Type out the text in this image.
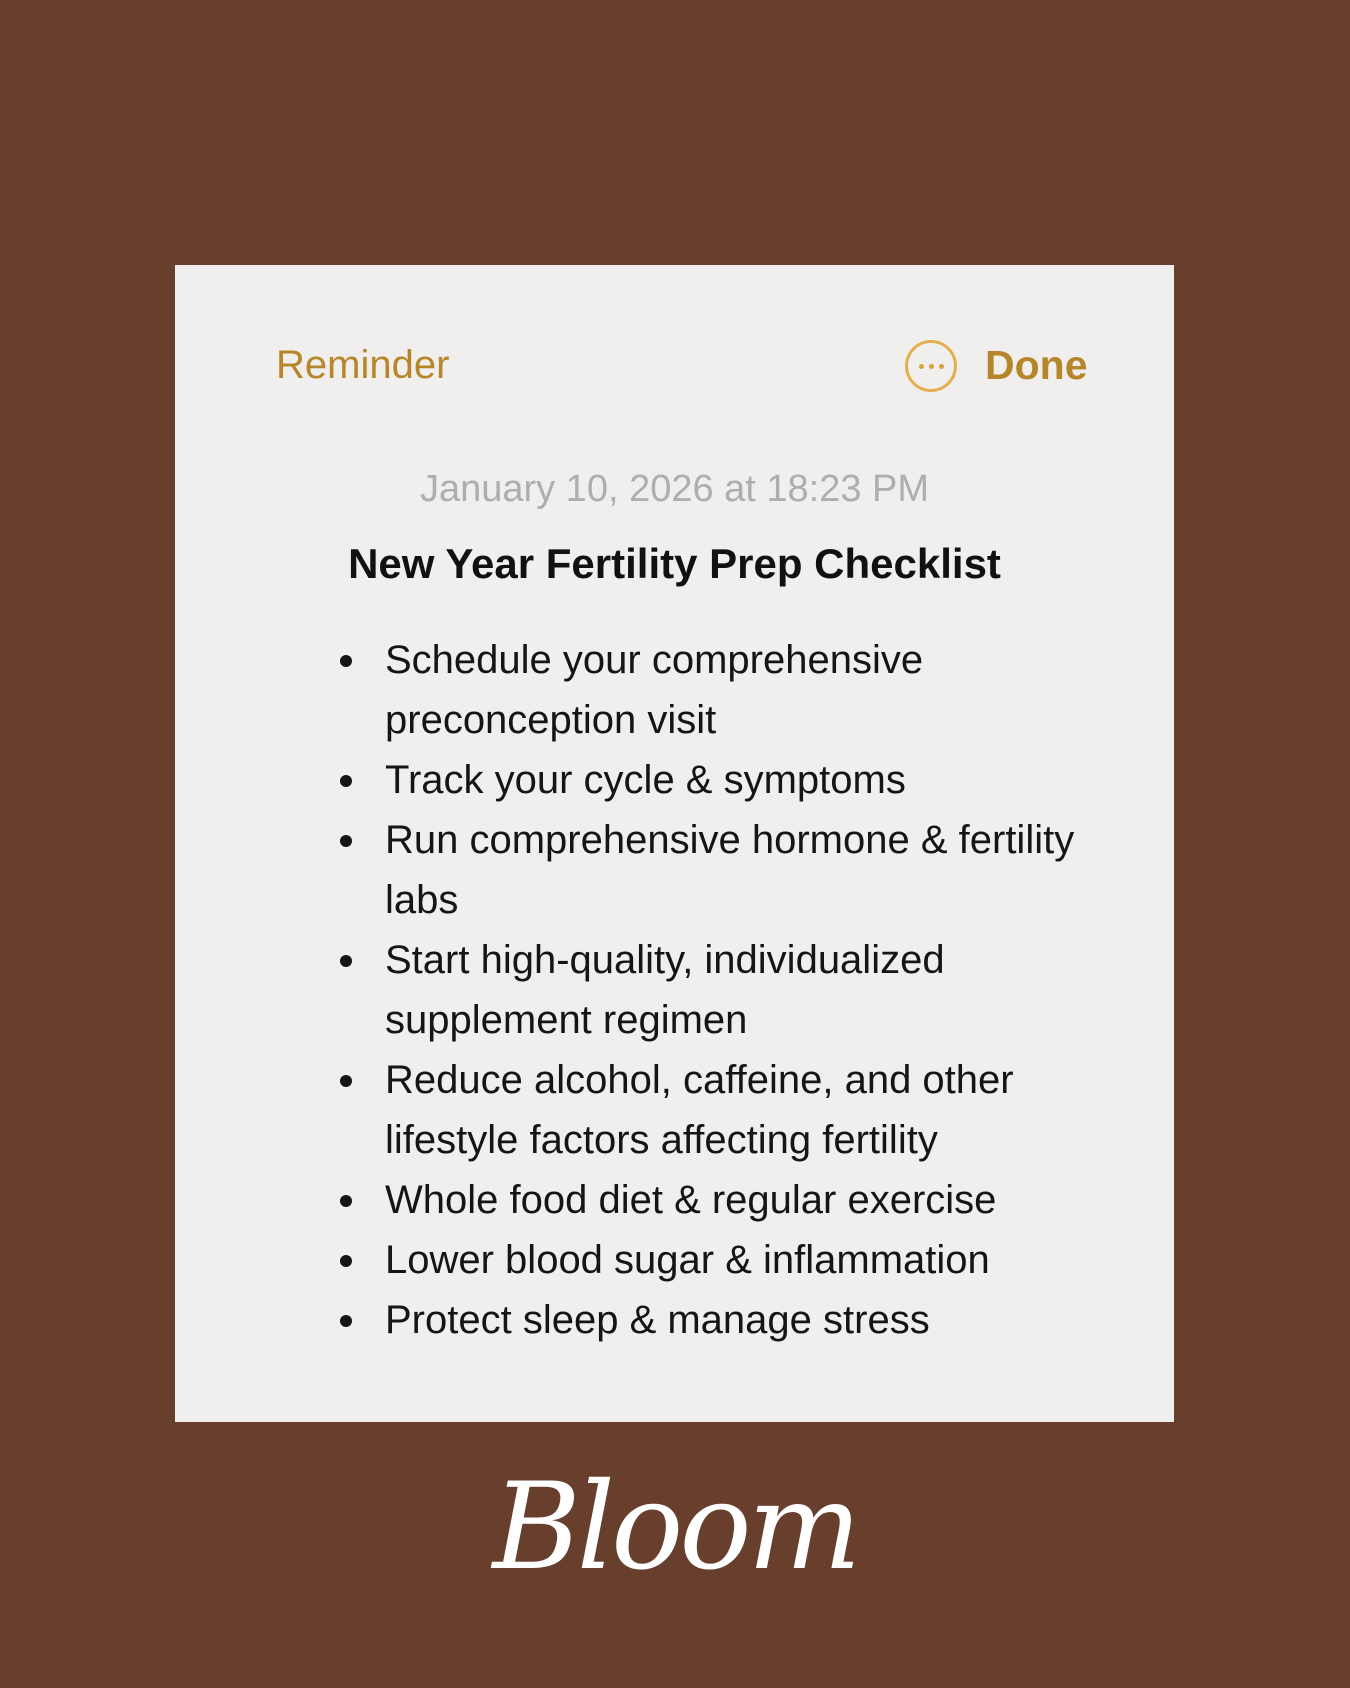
Reminder	Done
January 10, 2026 at 18:23 PM
New Year Fertility Prep Checklist
Schedule your comprehensive preconception visit
Track your cycle & symptoms
Run comprehensive hormone & fertility labs
Start high-quality, individualized supplement regimen
Reduce alcohol, caffeine, and other lifestyle factors affecting fertility
Whole food diet & regular exercise
Lower blood sugar & inflammation
Protect sleep & manage stress
Bloom
